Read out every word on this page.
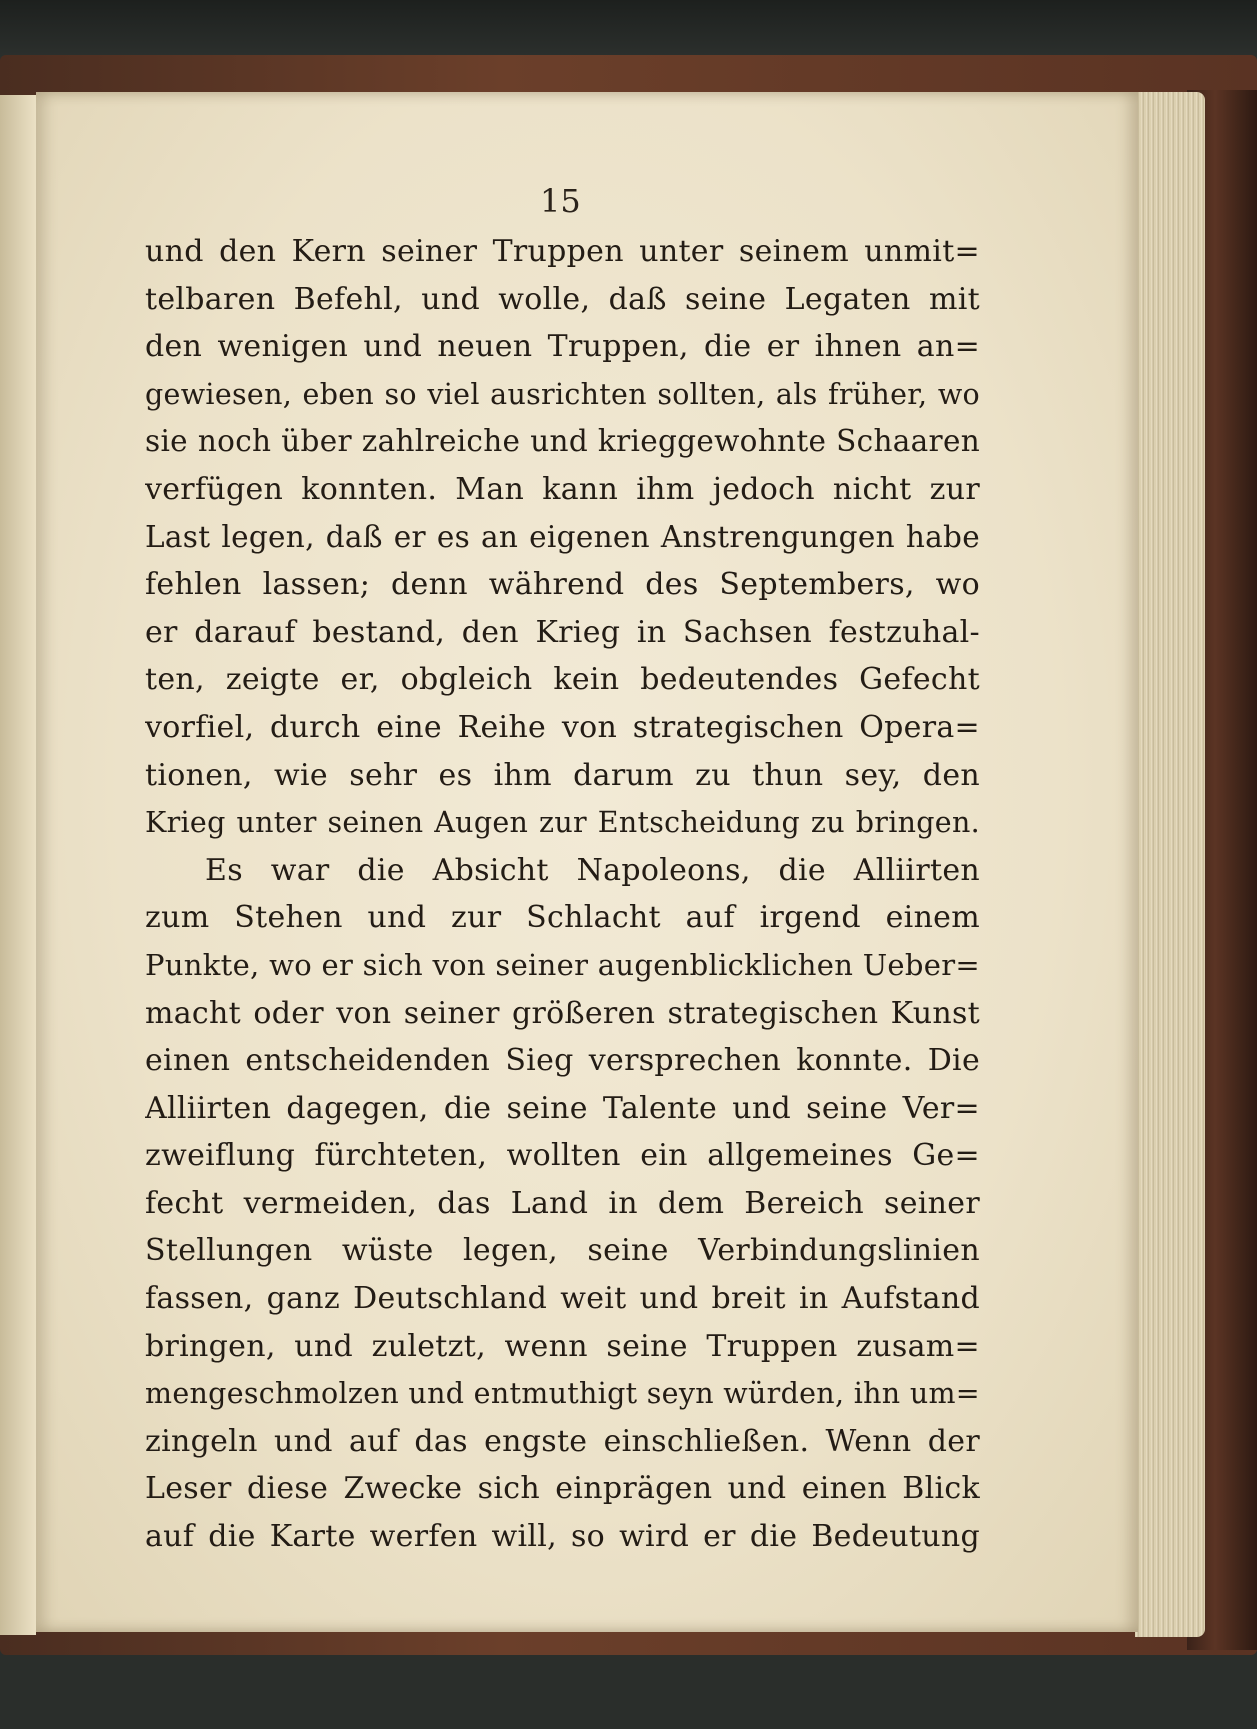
15
und den Kern seiner Truppen unter seinem unmit=
telbaren Befehl, und wolle, daß seine Legaten mit
den wenigen und neuen Truppen, die er ihnen an=
gewiesen, eben so viel ausrichten sollten, als früher, wo
sie noch über zahlreiche und krieggewohnte Schaaren
verfügen konnten. Man kann ihm jedoch nicht zur
Last legen, daß er es an eigenen Anstrengungen habe
fehlen lassen; denn während des Septembers, wo
er darauf bestand, den Krieg in Sachsen festzuhal-
ten, zeigte er, obgleich kein bedeutendes Gefecht
vorfiel, durch eine Reihe von strategischen Opera=
tionen, wie sehr es ihm darum zu thun sey, den
Krieg unter seinen Augen zur Entscheidung zu bringen.
Es war die Absicht Napoleons, die Alliirten
zum Stehen und zur Schlacht auf irgend einem
Punkte, wo er sich von seiner augenblicklichen Ueber=
macht oder von seiner größeren strategischen Kunst
einen entscheidenden Sieg versprechen konnte. Die
Alliirten dagegen, die seine Talente und seine Ver=
zweiflung fürchteten, wollten ein allgemeines Ge=
fecht vermeiden, das Land in dem Bereich seiner
Stellungen wüste legen, seine Verbindungslinien
fassen, ganz Deutschland weit und breit in Aufstand
bringen, und zuletzt, wenn seine Truppen zusam=
mengeschmolzen und entmuthigt seyn würden, ihn um=
zingeln und auf das engste einschließen. Wenn der
Leser diese Zwecke sich einprägen und einen Blick
auf die Karte werfen will, so wird er die Bedeutung
